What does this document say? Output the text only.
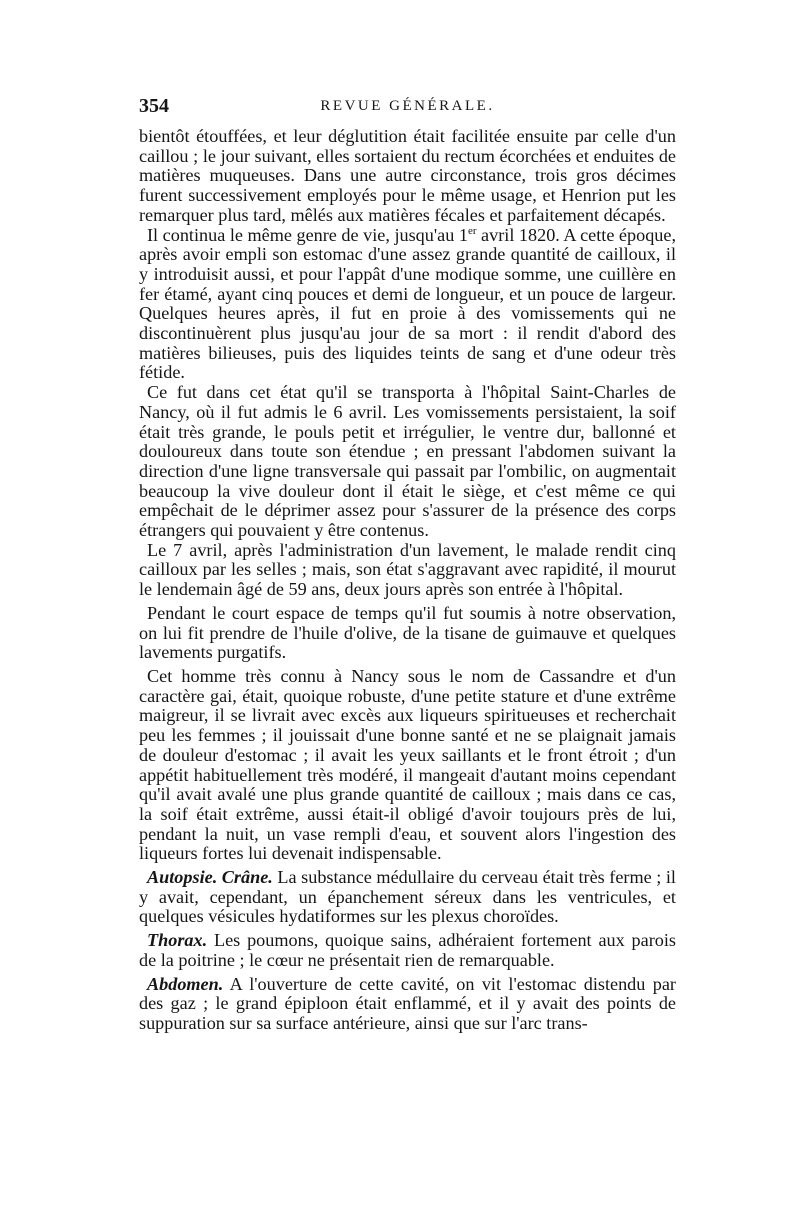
354	REVUE GÉNÉRALE.

bientôt étouffées, et leur déglutition était facilitée ensuite par celle d'un caillou ; le jour suivant, elles sortaient du rectum écorchées et enduites de matières muqueuses. Dans une autre circonstance, trois gros décimes furent successivement employés pour le même usage, et Henrion put les remarquer plus tard, mêlés aux matières fécales et parfaitement décapés.

Il continua le même genre de vie, jusqu'au 1er avril 1820. A cette époque, après avoir empli son estomac d'une assez grande quantité de cailloux, il y introduisit aussi, et pour l'appât d'une modique somme, une cuillère en fer étamé, ayant cinq pouces et demi de longueur, et un pouce de largeur. Quelques heures après, il fut en proie à des vomissements qui ne discontinuèrent plus jusqu'au jour de sa mort : il rendit d'abord des matières bilieuses, puis des liquides teints de sang et d'une odeur très fétide.

Ce fut dans cet état qu'il se transporta à l'hôpital Saint-Charles de Nancy, où il fut admis le 6 avril. Les vomissements persistaient, la soif était très grande, le pouls petit et irrégulier, le ventre dur, ballonné et douloureux dans toute son étendue ; en pressant l'abdomen suivant la direction d'une ligne transversale qui passait par l'ombilic, on augmentait beaucoup la vive douleur dont il était le siège, et c'est même ce qui empêchait de le déprimer assez pour s'assurer de la présence des corps étrangers qui pouvaient y être contenus.

Le 7 avril, après l'administration d'un lavement, le malade rendit cinq cailloux par les selles ; mais, son état s'aggravant avec rapidité, il mourut le lendemain âgé de 59 ans, deux jours après son entrée à l'hôpital.

Pendant le court espace de temps qu'il fut soumis à notre observation, on lui fit prendre de l'huile d'olive, de la tisane de guimauve et quelques lavements purgatifs.

Cet homme très connu à Nancy sous le nom de Cassandre et d'un caractère gai, était, quoique robuste, d'une petite stature et d'une extrême maigreur, il se livrait avec excès aux liqueurs spiritueuses et recherchait peu les femmes ; il jouissait d'une bonne santé et ne se plaignait jamais de douleur d'estomac ; il avait les yeux saillants et le front étroit ; d'un appétit habituellement très modéré, il mangeait d'autant moins cependant qu'il avait avalé une plus grande quantité de cailloux ; mais dans ce cas, la soif était extrême, aussi était-il obligé d'avoir toujours près de lui, pendant la nuit, un vase rempli d'eau, et souvent alors l'ingestion des liqueurs fortes lui devenait indispensable.

Autopsie. Crâne. La substance médullaire du cerveau était très ferme ; il y avait, cependant, un épanchement séreux dans les ventricules, et quelques vésicules hydatiformes sur les plexus choroïdes.

Thorax. Les poumons, quoique sains, adhéraient fortement aux parois de la poitrine ; le cœur ne présentait rien de remarquable.

Abdomen. A l'ouverture de cette cavité, on vit l'estomac distendu par des gaz ; le grand épiploon était enflammé, et il y avait des points de suppuration sur sa surface antérieure, ainsi que sur l'arc trans-
